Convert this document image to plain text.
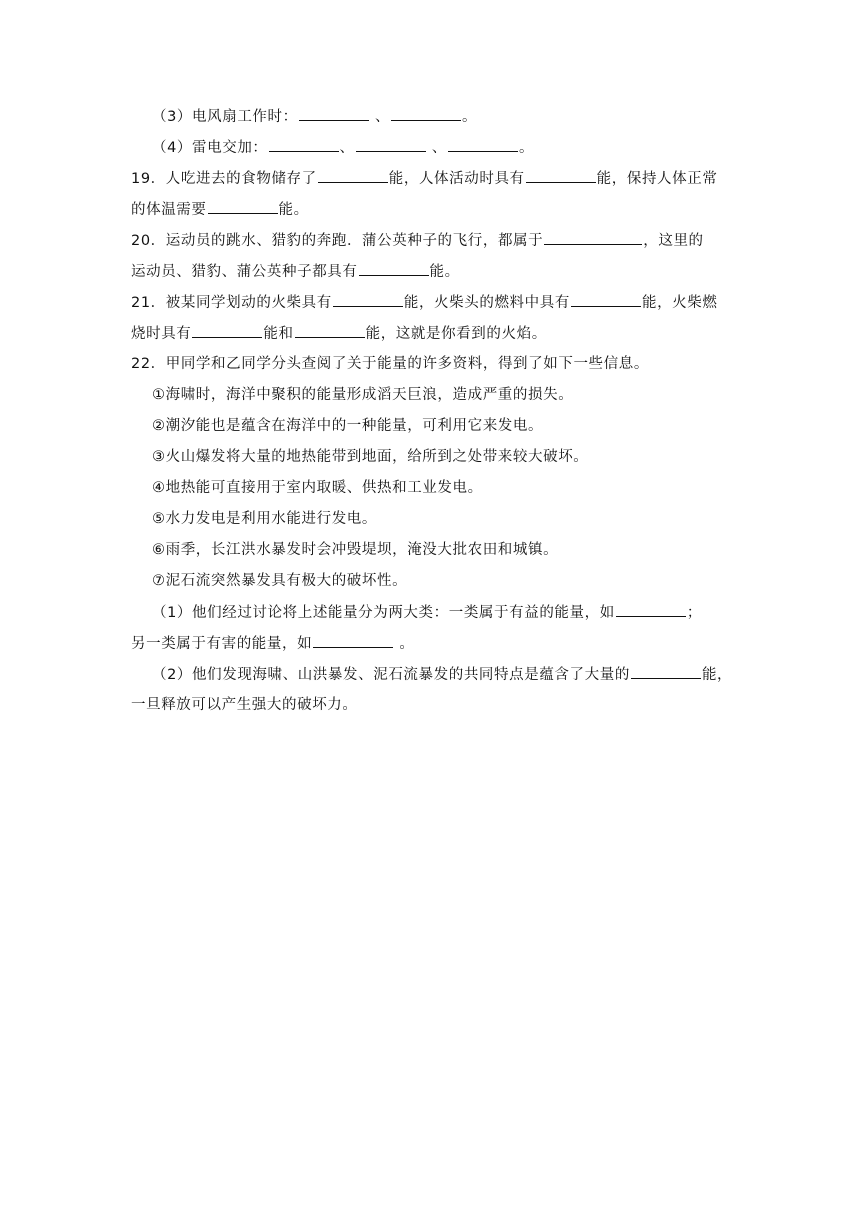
（3）电风扇工作时：	、	。
（4）雷电交加：	、	、	。
19．人吃进去的食物储存了	能，人体活动时具有	能，保持人体正常
的体温需要	能。
20．运动员的跳水、猎豹的奔跑．蒲公英种子的飞行，都属于	，这里的
运动员、猎豹、蒲公英种子都具有	能。
21．被某同学划动的火柴具有	能，火柴头的燃料中具有	能，火柴燃
烧时具有	能和	能，这就是你看到的火焰。
22．甲同学和乙同学分头查阅了关于能量的许多资料，得到了如下一些信息。
①海啸时，海洋中聚积的能量形成滔天巨浪，造成严重的损失。
②潮汐能也是蕴含在海洋中的一种能量，可利用它来发电。
③火山爆发将大量的地热能带到地面，给所到之处带来较大破坏。
④地热能可直接用于室内取暖、供热和工业发电。
⑤水力发电是利用水能进行发电。
⑥雨季，长江洪水暴发时会冲毁堤坝，淹没大批农田和城镇。
⑦泥石流突然暴发具有极大的破坏性。
（1）他们经过讨论将上述能量分为两大类：一类属于有益的能量，如	；
另一类属于有害的能量，如	。
（2）他们发现海啸、山洪暴发、泥石流暴发的共同特点是蕴含了大量的	能，
一旦释放可以产生强大的破坏力。
